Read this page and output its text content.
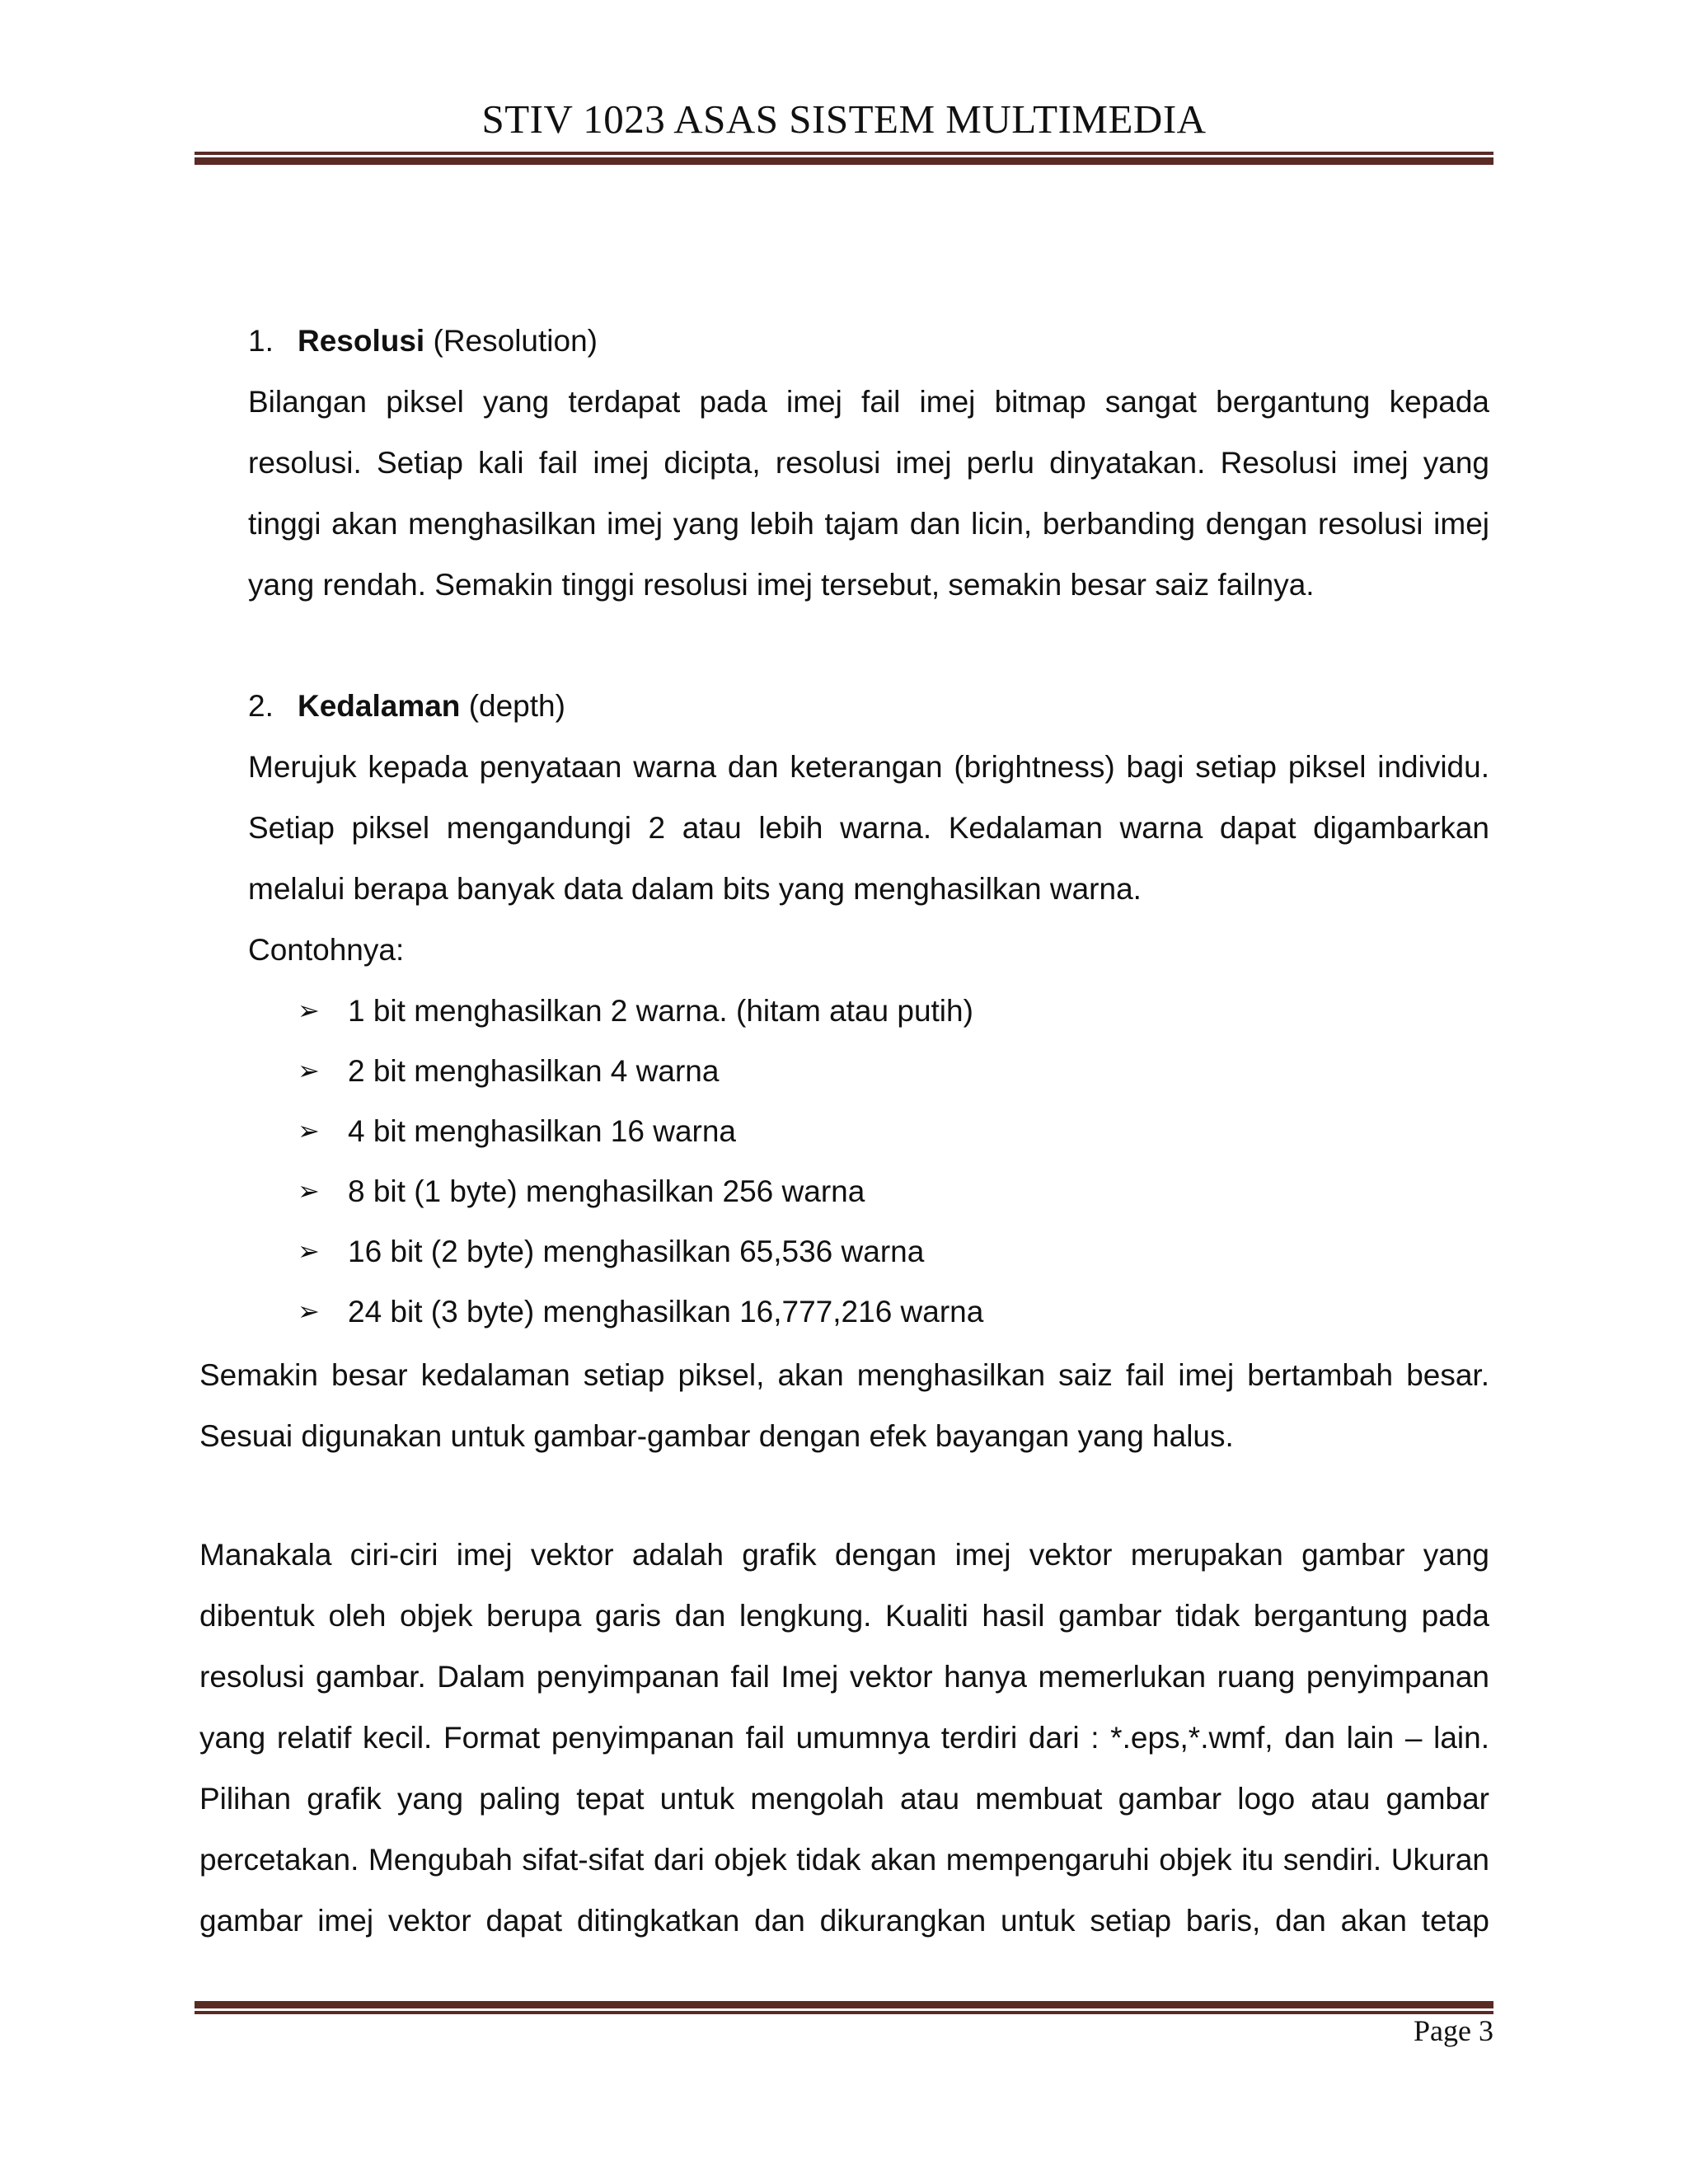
STIV 1023 ASAS SISTEM MULTIMEDIA
1. Resolusi (Resolution)
Bilangan piksel yang terdapat pada imej fail imej bitmap sangat bergantung kepada resolusi. Setiap kali fail imej dicipta, resolusi imej perlu dinyatakan. Resolusi imej yang tinggi akan menghasilkan imej yang lebih tajam dan licin, berbanding dengan resolusi imej yang rendah. Semakin tinggi resolusi imej tersebut, semakin besar saiz failnya.
2. Kedalaman (depth)
Merujuk kepada penyataan warna dan keterangan (brightness) bagi setiap piksel individu. Setiap piksel mengandungi 2 atau lebih warna. Kedalaman warna dapat digambarkan melalui berapa banyak data dalam bits yang menghasilkan warna.
Contohnya:
➢ 1 bit menghasilkan 2 warna. (hitam atau putih)
➢ 2 bit menghasilkan 4 warna
➢ 4 bit menghasilkan 16 warna
➢ 8 bit (1 byte) menghasilkan 256 warna
➢ 16 bit (2 byte) menghasilkan 65,536 warna
➢ 24 bit (3 byte) menghasilkan 16,777,216 warna
Semakin besar kedalaman setiap piksel, akan menghasilkan saiz fail imej bertambah besar. Sesuai digunakan untuk gambar-gambar dengan efek bayangan yang halus.
Manakala ciri-ciri imej vektor adalah grafik dengan imej vektor merupakan gambar yang dibentuk oleh objek berupa garis dan lengkung. Kualiti hasil gambar tidak bergantung pada resolusi gambar. Dalam penyimpanan fail Imej vektor hanya memerlukan ruang penyimpanan yang relatif kecil. Format penyimpanan fail umumnya terdiri dari : *.eps,*.wmf, dan lain – lain. Pilihan grafik yang paling tepat untuk mengolah atau membuat gambar logo atau gambar percetakan. Mengubah sifat-sifat dari objek tidak akan mempengaruhi objek itu sendiri. Ukuran gambar imej vektor dapat ditingkatkan dan dikurangkan untuk setiap baris, dan akan tetap
Page 3
